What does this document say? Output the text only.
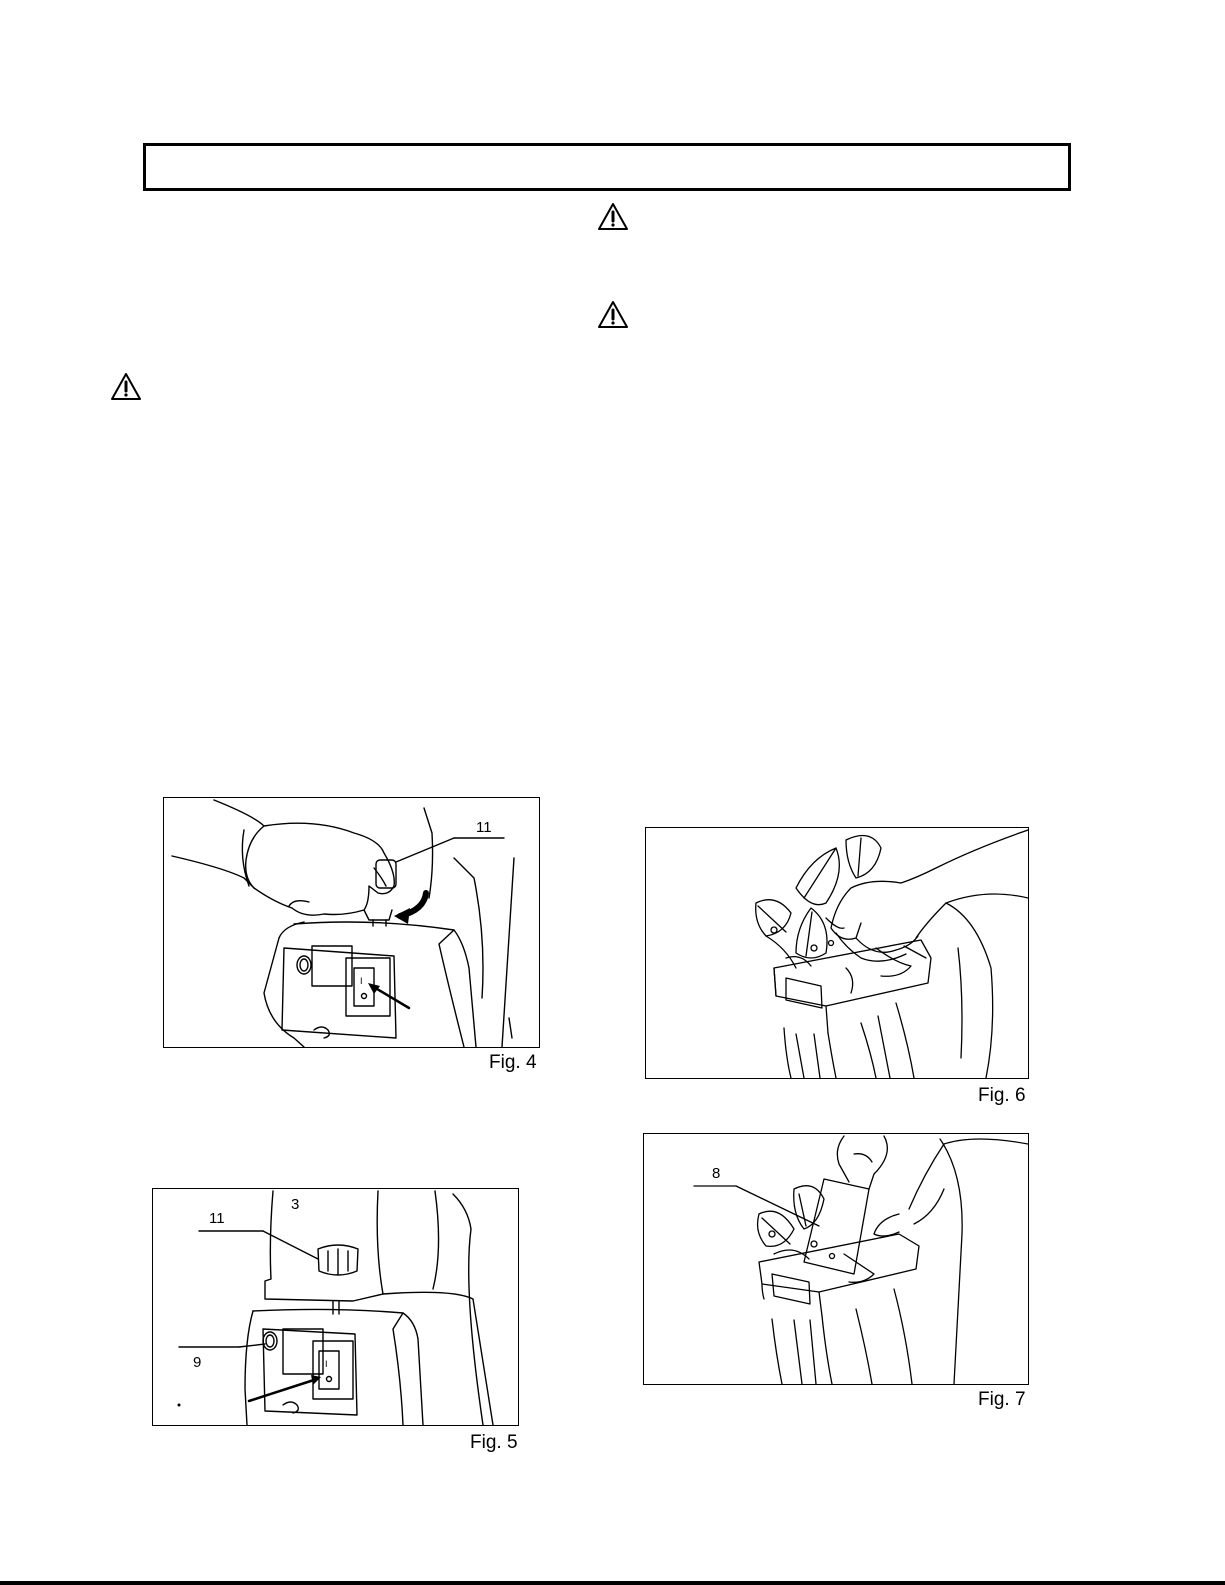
I
11
Fig. 4
I
11
3
9
Fig. 5
Fig. 6
8
Fig. 7
